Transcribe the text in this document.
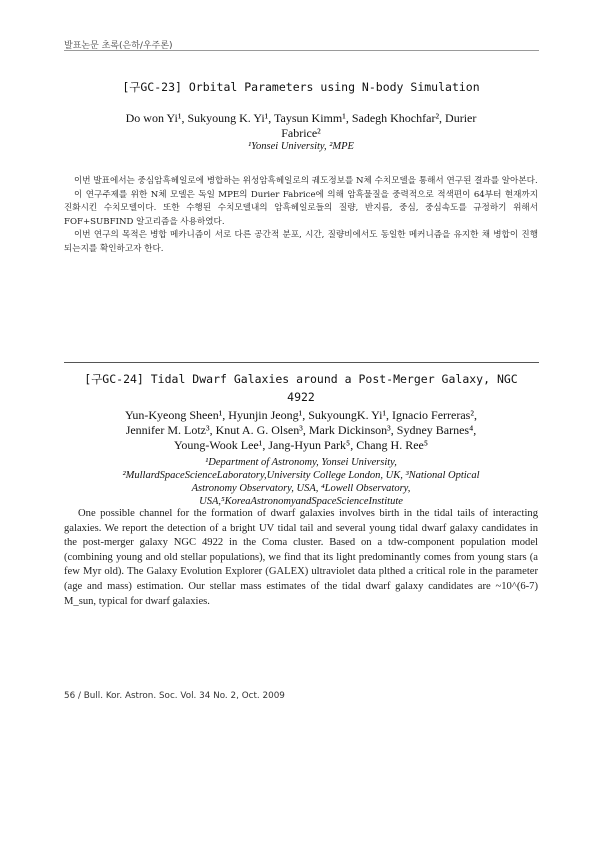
발표논문 초록(은하/우주론)
[구GC-23] Orbital Parameters using N-body Simulation
Do won Yi¹, Sukyoung K. Yi¹, Taysun Kimm¹, Sadegh Khochfar², Durier
Fabrice²
¹Yonsei University, ²MPE

이번 발표에서는 중심암흑헤일로에 병합하는 위성암흑헤일로의 궤도정보를 N체 수치모델을 통해서 연구된 결과를 알아본다.

이 연구주제를 위한 N체 모델은 독일 MPE의 Durier Fabrice에 의해 암흑물질을 중력적으로 적색편이 64부터 현재까지 진화시킨 수치모델이다. 또한 수행된 수치모델내의 암흑헤일로들의 질량, 반지름, 중심, 중심속도를 규정하기 위해서 FOF+SUBFIND 알고리즘을 사용하였다.

이번 연구의 목적은 병합 메카니즘이 서로 다른 공간적 분포, 시간, 질량비에서도 동일한 메커니즘을 유지한 채 병합이 진행되는지를 확인하고자 한다.

[구GC-24] Tidal Dwarf Galaxies around a Post-Merger Galaxy, NGC
4922
Yun-Kyeong Sheen¹, Hyunjin Jeong¹, SukyoungK. Yi¹, Ignacio Ferreras²,
Jennifer M. Lotz³, Knut A. G. Olsen³, Mark Dickinson³, Sydney Barnes⁴,
Young-Wook Lee¹, Jang-Hyun Park⁵, Chang H. Ree⁵
¹Department of Astronomy, Yonsei University,
²MullardSpaceScienceLaboratory,University College London, UK, ³National Optical
Astronomy Observatory, USA, ⁴Lowell Observatory,
USA,⁵KoreaAstronomyandSpaceScienceInstitute

One possible channel for the formation of dwarf galaxies involves birth in the tidal tails of interacting galaxies. We report the detection of a bright UV tidal tail and several young tidal dwarf galaxy candidates in the post-merger galaxy NGC 4922 in the Coma cluster. Based on a tdw-component population model (combining young and old stellar populations), we find that its light predominantly comes from young stars (a few Myr old). The Galaxy Evolution Explorer (GALEX) ultraviolet data plthed a critical role in the parameter (age and mass) estimation. Our stellar mass estimates of the tidal dwarf galaxy candidates are ~10^(6-7) M_sun, typical for dwarf galaxies.

56 / Bull. Kor. Astron. Soc. Vol. 34 No. 2, Oct. 2009
